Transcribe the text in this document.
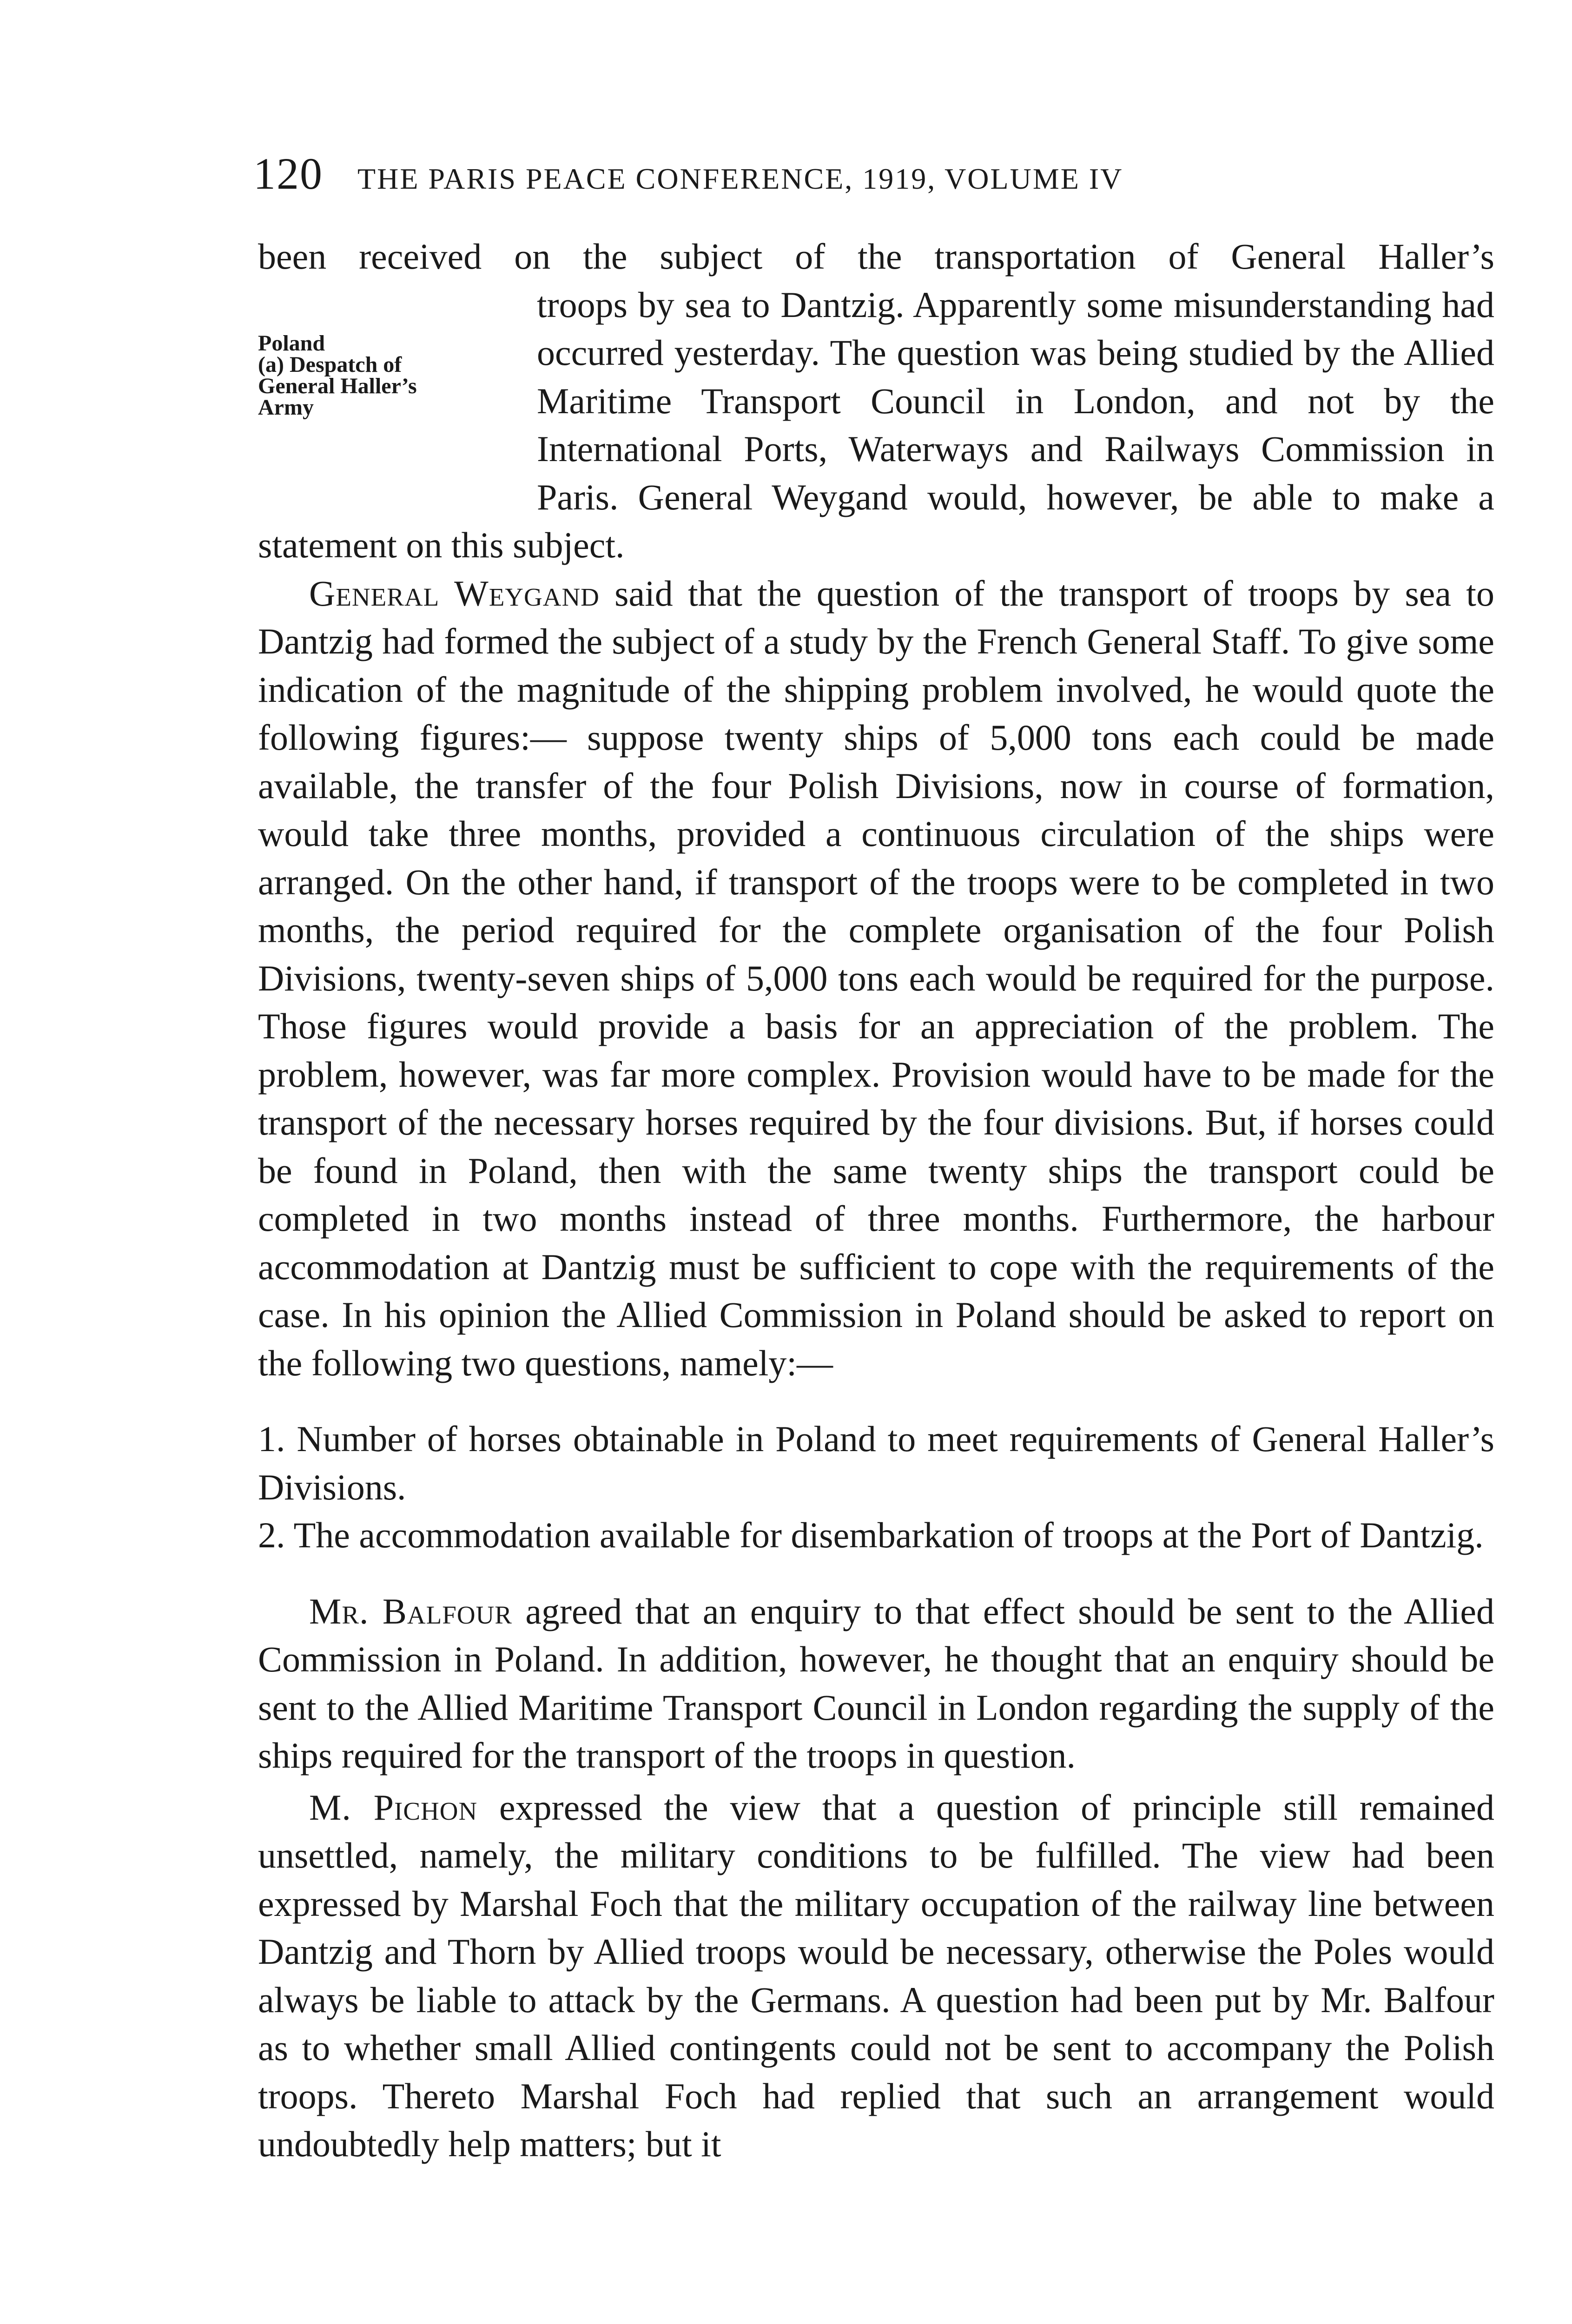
120 THE PARIS PEACE CONFERENCE, 1919, VOLUME IV

been received on the subject of the transportation of General Haller’s

Poland
(a) Despatch of
General Haller’s
Army

troops by sea to Dantzig. Apparently some misunderstanding had occurred yesterday. The question was being studied by the Allied Maritime Transport Council in London, and not by the International Ports, Waterways and Railways Commission in Paris. General Weygand would, however, be able to make a statement on this subject.

General Weygand said that the question of the transport of troops by sea to Dantzig had formed the subject of a study by the French General Staff. To give some indication of the magnitude of the shipping problem involved, he would quote the following figures:— suppose twenty ships of 5,000 tons each could be made available, the transfer of the four Polish Divisions, now in course of formation, would take three months, provided a continuous circulation of the ships were arranged. On the other hand, if transport of the troops were to be completed in two months, the period required for the complete organisation of the four Polish Divisions, twenty-seven ships of 5,000 tons each would be required for the purpose. Those figures would provide a basis for an appreciation of the problem. The problem, however, was far more complex. Provision would have to be made for the transport of the necessary horses required by the four divisions. But, if horses could be found in Poland, then with the same twenty ships the transport could be completed in two months instead of three months. Furthermore, the harbour accommodation at Dantzig must be sufficient to cope with the requirements of the case. In his opinion the Allied Commission in Poland should be asked to report on the following two questions, namely:—

1. Number of horses obtainable in Poland to meet requirements of General Haller’s Divisions.

2. The accommodation available for disembarkation of troops at the Port of Dantzig.

Mr. Balfour agreed that an enquiry to that effect should be sent to the Allied Commission in Poland. In addition, however, he thought that an enquiry should be sent to the Allied Maritime Transport Council in London regarding the supply of the ships required for the transport of the troops in question.

M. Pichon expressed the view that a question of principle still remained unsettled, namely, the military conditions to be fulfilled. The view had been expressed by Marshal Foch that the military occupation of the railway line between Dantzig and Thorn by Allied troops would be necessary, otherwise the Poles would always be liable to attack by the Germans. A question had been put by Mr. Balfour as to whether small Allied contingents could not be sent to accompany the Polish troops. Thereto Marshal Foch had replied that such an arrangement would undoubtedly help matters; but it
